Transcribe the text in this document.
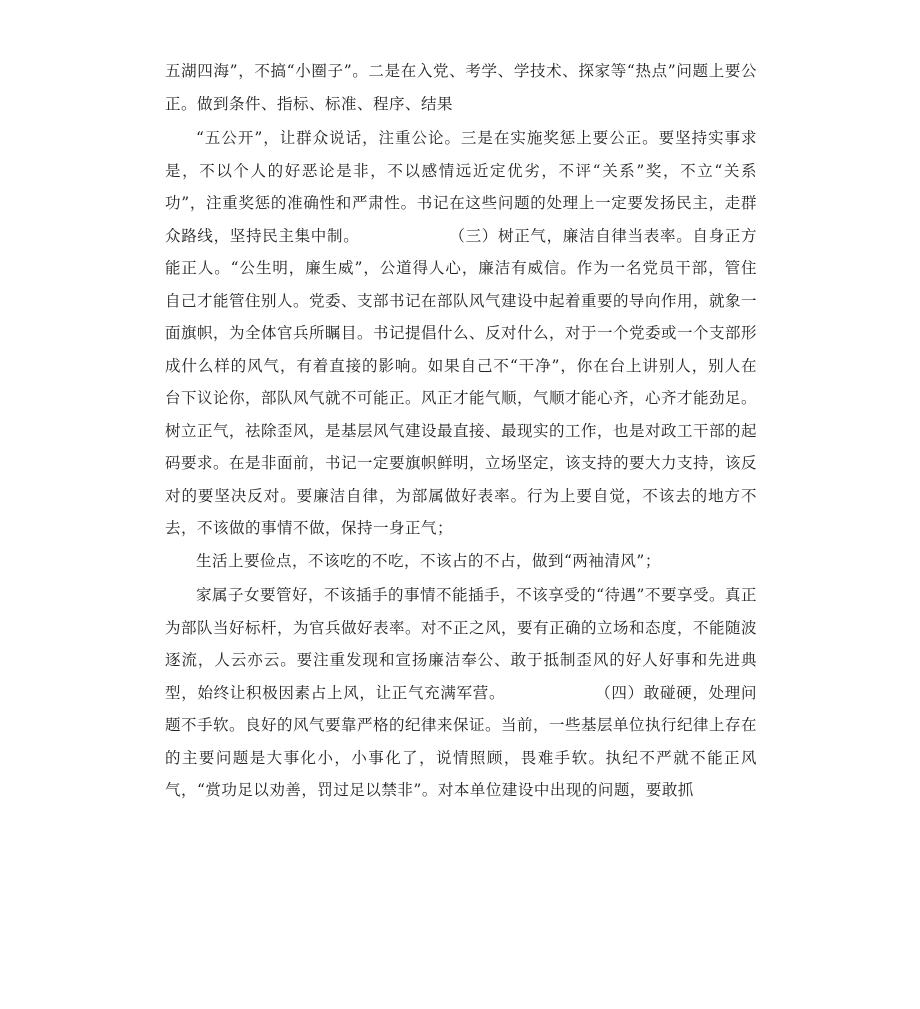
五湖四海”，不搞“小圈子”。二是在入党、考学、学技术、探家等“热点”问题上要公正。做到条件、指标、标准、程序、结果

“五公开”，让群众说话，注重公论。三是在实施奖惩上要公正。要坚持实事求是，不以个人的好恶论是非，不以感情远近定优劣，不评“关系”奖，不立“关系功”，注重奖惩的准确性和严肃性。书记在这些问题的处理上一定要发扬民主，走群众路线，坚持民主集中制。                （三）树正气，廉洁自律当表率。自身正方能正人。“公生明，廉生威”，公道得人心，廉洁有威信。作为一名党员干部，管住自己才能管住别人。党委、支部书记在部队风气建设中起着重要的导向作用，就象一面旗帜，为全体官兵所瞩目。书记提倡什么、反对什么，对于一个党委或一个支部形成什么样的风气，有着直接的影响。如果自己不“干净”，你在台上讲别人，别人在台下议论你，部队风气就不可能正。风正才能气顺，气顺才能心齐，心齐才能劲足。树立正气，祛除歪风，是基层风气建设最直接、最现实的工作，也是对政工干部的起码要求。在是非面前，书记一定要旗帜鲜明，立场坚定，该支持的要大力支持，该反对的要坚决反对。要廉洁自律，为部属做好表率。行为上要自觉，不该去的地方不去，不该做的事情不做，保持一身正气；

生活上要俭点，不该吃的不吃，不该占的不占，做到“两袖清风”；

家属子女要管好，不该插手的事情不能插手，不该享受的“待遇”不要享受。真正为部队当好标杆，为官兵做好表率。对不正之风，要有正确的立场和态度，不能随波逐流，人云亦云。要注重发现和宣扬廉洁奉公、敢于抵制歪风的好人好事和先进典型，始终让积极因素占上风，让正气充满军营。                （四）敢碰硬，处理问题不手软。良好的风气要靠严格的纪律来保证。当前，一些基层单位执行纪律上存在的主要问题是大事化小，小事化了，说情照顾，畏难手软。执纪不严就不能正风气，“赏功足以劝善，罚过足以禁非”。对本单位建设中出现的问题，要敢抓
